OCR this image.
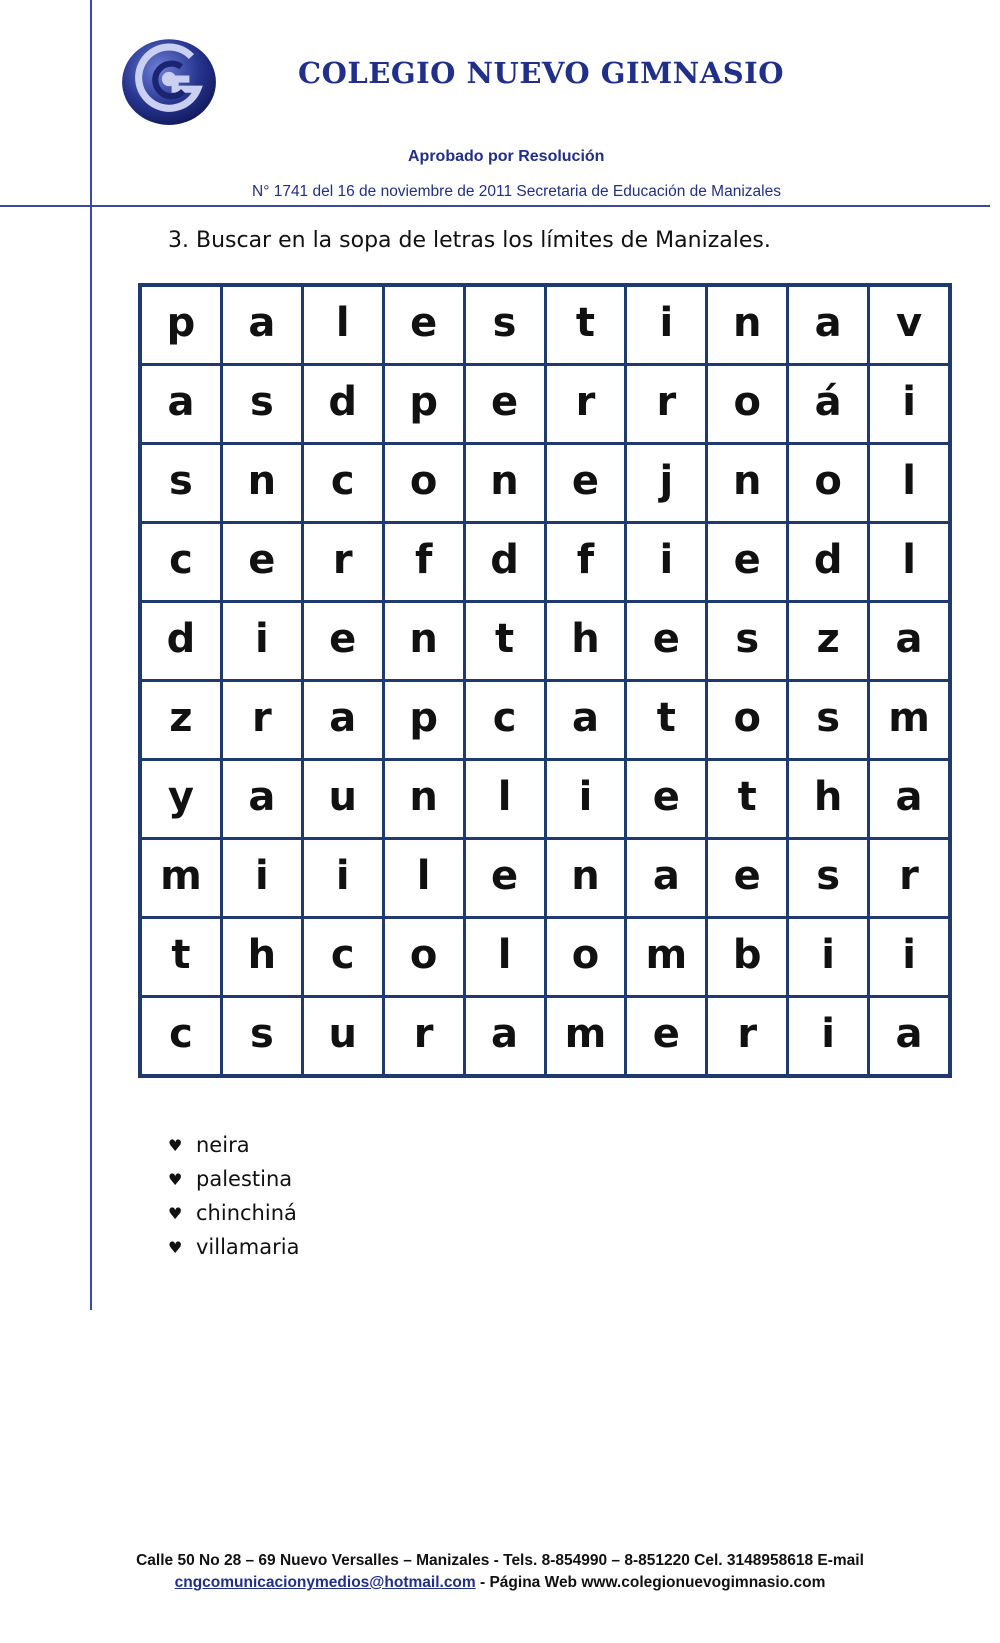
COLEGIO NUEVO GIMNASIO
Aprobado por Resolución
N° 1741 del 16 de noviembre de 2011 Secretaria de Educación de Manizales
3. Buscar en la sopa de letras los límites de Manizales.
p	a	l	e	s	t	i	n	a	v
a	s	d	p	e	r	r	o	á	i
s	n	c	o	n	e	j	n	o	l
c	e	r	f	d	f	i	e	d	l
d	i	e	n	t	h	e	s	z	a
z	r	a	p	c	a	t	o	s	m
y	a	u	n	l	i	e	t	h	a
m	i	i	l	e	n	a	e	s	r
t	h	c	o	l	o	m	b	i	i
c	s	u	r	a	m	e	r	i	a
♥ neira
♥ palestina
♥ chinchiná
♥ villamaria
Calle 50 No 28 – 69 Nuevo Versalles – Manizales - Tels. 8-854990 – 8-851220 Cel. 3148958618 E-mail
cngcomunicacionymedios@hotmail.com - Página Web www.colegionuevogimnasio.com
